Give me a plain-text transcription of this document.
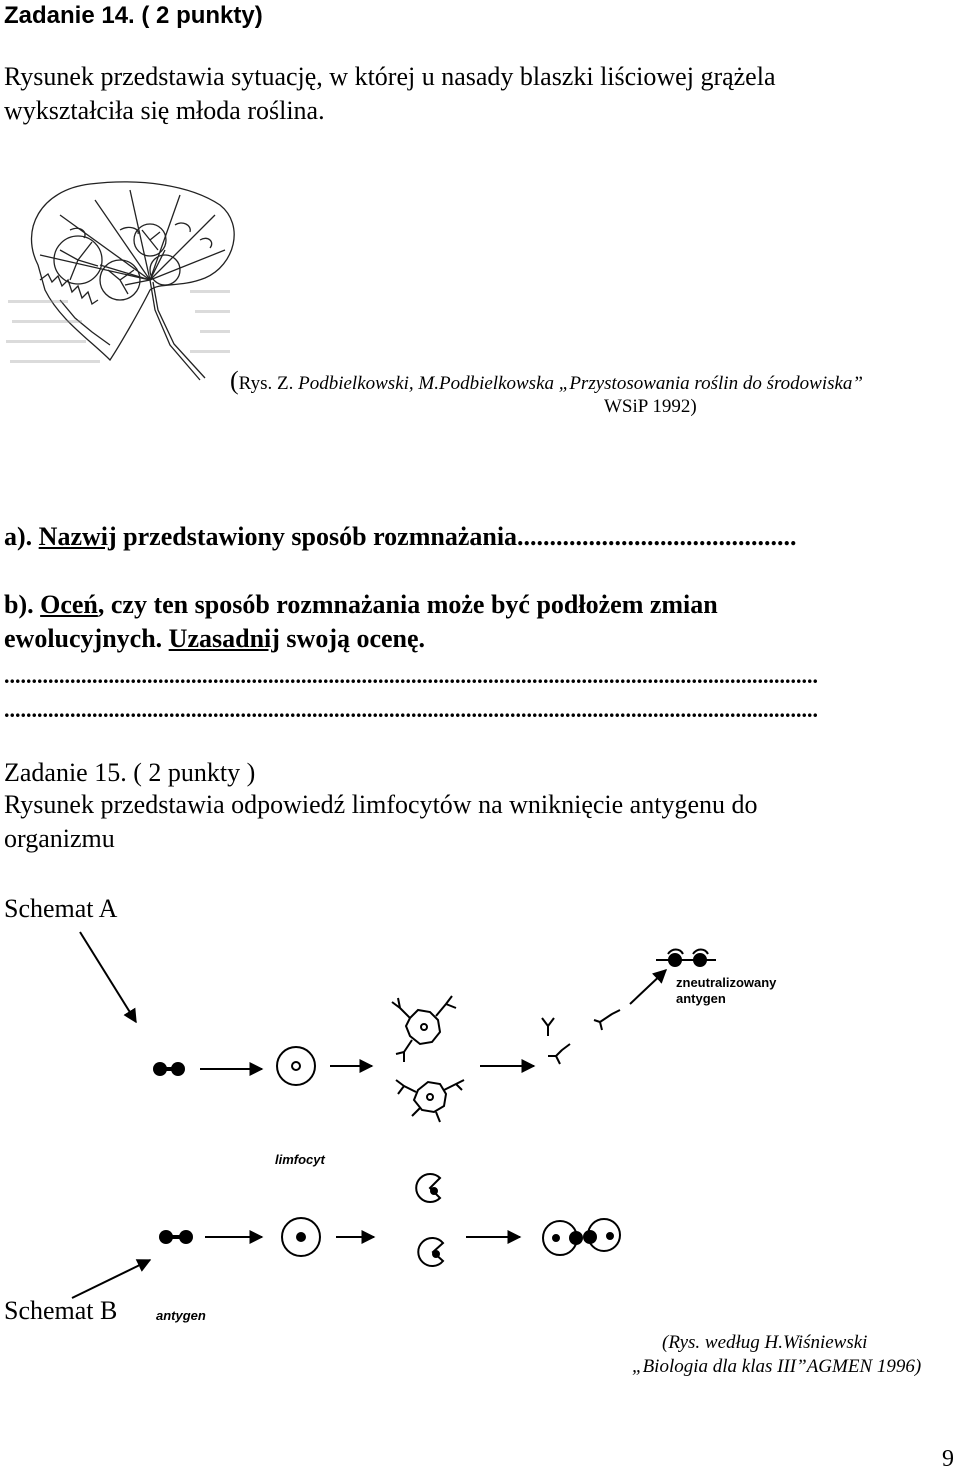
Zadanie 14. ( 2 punkty)
Rysunek przedstawia sytuację, w której u nasady blaszki liściowej grążela
wykształciła się młoda roślina.
(Rys. Z. Podbielkowski, M.Podbielkowska „Przystosowania roślin do środowiska”
WSiP 1992)
a). Nazwij przedstawiony sposób rozmnażania...........................................
b). Oceń, czy ten sposób rozmnażania może być podłożem zmian
ewolucyjnych. Uzasadnij swoją ocenę.
....................................................................................................................................................
....................................................................................................................................................
Zadanie 15. ( 2 punkty )
Rysunek przedstawia odpowiedź limfocytów na wniknięcie antygenu do
organizmu
Schemat A
Schemat B
zneutralizowany
antygen
limfocyt
antygen
(Rys. według H.Wiśniewski
„Biologia dla klas III”AGMEN 1996)
9
